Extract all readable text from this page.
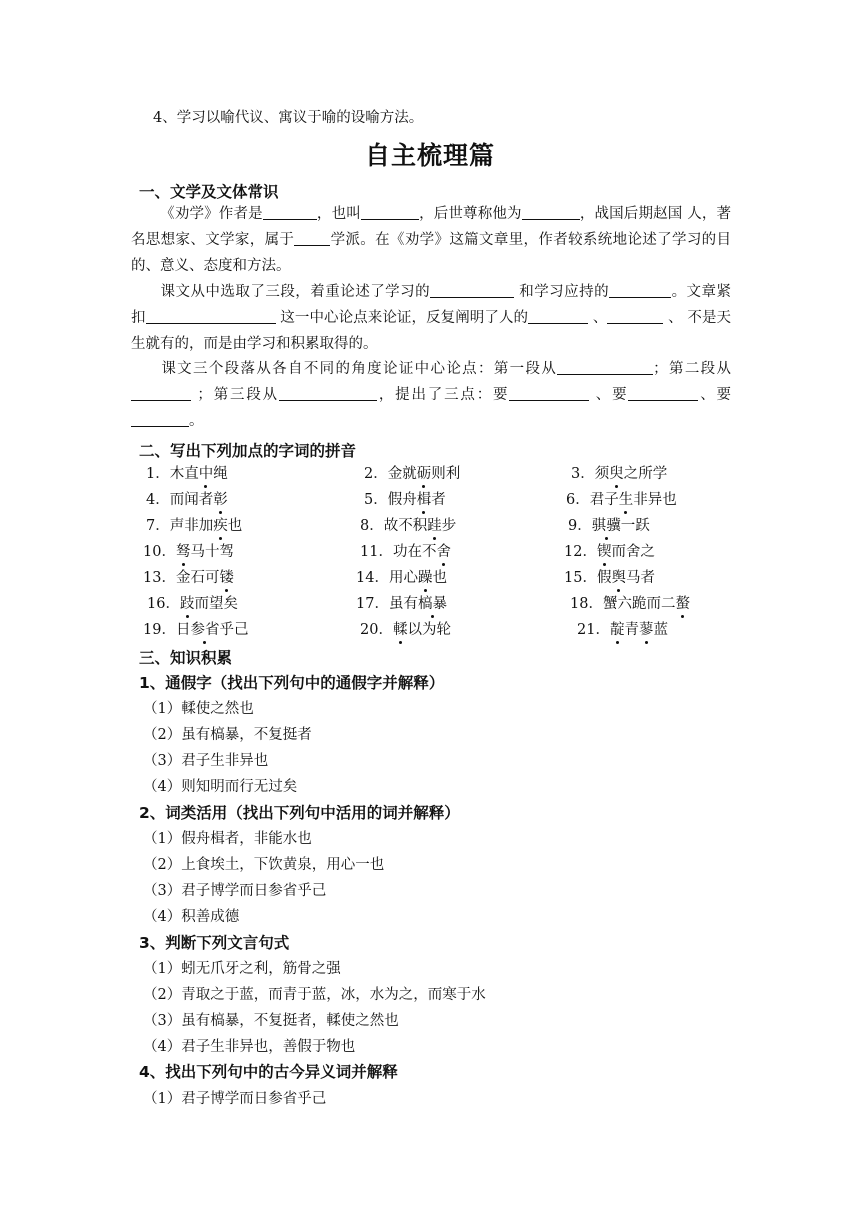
4、学习以喻代议、寓议于喻的设喻方法。
自主梳理篇
一、文学及文体常识
《劝学》作者是	，也叫	，后世尊称他为	，战国后期赵国 人，著名思想家、文学家，属于 学派。在《劝学》这篇文章里，作者较系统地论述了学习的目的、意义、态度和方法。
课文从中选取了三段，着重论述了学习的	和学习应持的	。文章紧扣	这一中心论点来论证，反复阐明了人的	、	、 不是天生就有的，而是由学习和积累取得的。
课文三个段落从各自不同的角度论证中心论点：第一段从	；第二段从 ；第三段从	，提出了三点：要	、要	、要 。
二、写出下列加点的字词的拼音
1．木直中绳	2．金就砺则利	3．须臾之所学
4．而闻者彰	5．假舟楫者	6．君子生非异也
7．声非加疾也	8．故不积跬步	9．骐骥一跃
10．驽马十驾	11．功在不舍	12．锲而舍之
13．金石可镂	14．用心躁也	15．假舆马者
16．跂而望矣	17．虽有槁暴	18．蟹六跪而二螯
19．日参省乎己	20．輮以为轮	21．靛青蓼蓝
三、知识积累
1、通假字（找出下列句中的通假字并解释）
（1）輮使之然也
（2）虽有槁暴，不复挺者
（3）君子生非异也
（4）则知明而行无过矣
2、词类活用（找出下列句中活用的词并解释）
（1）假舟楫者，非能水也
（2）上食埃土，下饮黄泉，用心一也
（3）君子博学而日参省乎己
（4）积善成德
3、判断下列文言句式
（1）蚓无爪牙之利，筋骨之强
（2）青取之于蓝，而青于蓝，冰，水为之，而寒于水
（3）虽有槁暴，不复挺者，輮使之然也
（4）君子生非异也，善假于物也
4、找出下列句中的古今异义词并解释
（1）君子博学而日参省乎己
